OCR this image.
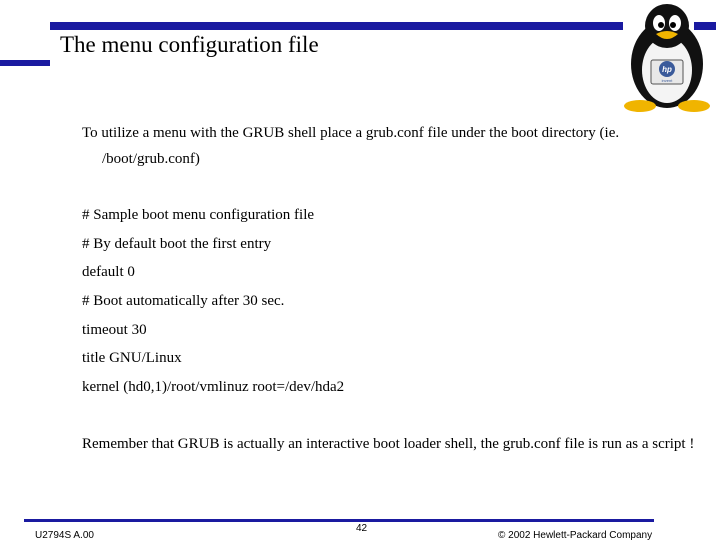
The menu configuration file
hp
invent
To utilize a menu with the GRUB shell place a grub.conf file under the boot directory (ie.
/boot/grub.conf)
# Sample boot menu configuration file
# By default boot the first entry
default 0
# Boot automatically after 30 sec.
timeout 30
title GNU/Linux
kernel (hd0,1)/root/vmlinuz root=/dev/hda2
Remember that GRUB is actually an interactive boot loader shell, the grub.conf file is run as a script !
U2794S A.00
42
© 2002 Hewlett-Packard Company
